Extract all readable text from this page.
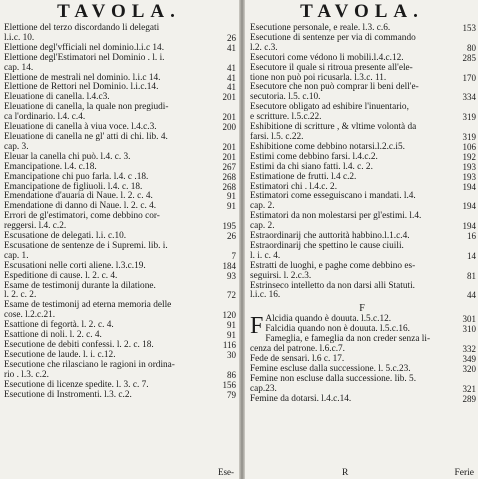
TAVOLA.
Elettione del terzo discordando li delegati
l.i.c. 10.	26
Elettione degl'vfficiali nel dominio.l.i.c 14.	41
Elettione degl'Estimatori nel Dominio . l. i.
cap. 14.	41
Elettione de mestrali nel dominio. l.i.c 14.	41
Elettione de Rettori nel Dominio. l.i.c.14.	41
Eleuatione di canella. l.4.c3.	201
Eleuatione di canella, la quale non pregiudi-
ca l'ordinario. l.4. c.4.	201
Eleuatione di canella à viua voce. l.4.c.3.	200
Eleuatione di canella ne gl' atti di chi. lib. 4.
cap. 3.	201
Eleuar la canella chi può. l.4. c. 3.	201
Emancipatione. l.4. c.18.	267
Emancipatione chi puo farla. l.4. c .18.	268
Emancipatione de figliuoli. l.4. c. 18.	268
Emendatione d'auaria di Naue. l. 2. c. 4.	91
Emendatione di danno di Naue. l. 2. c. 4.	91
Errori de gl'estimatori, come debbino cor-
reggersi. l.4. c.2.	195
Escusatione de delegati. l.i. c.10.	26
Escusatione de sentenze de i Supremi. lib. i.
cap. 1.	7
Escusationi nelle corti aliene. l.3.c.19.	184
Espeditione di cause. l. 2. c. 4.	93
Esame de testimonij durante la dilatione.
l. 2. c. 2.	72
Esame de testimonij ad eterna memoria delle
cose. l.2.c.21.	120
Esattione di fegortà. l. 2. c. 4.	91
Esattione di noli. l. 2. c. 4.	91
Esecutione de debiti confessi. l. 2. c. 18.	116
Esecutione de laude. l. i. c.12.	30
Esecutione che rilasciano le ragioni in ordina-
rio . l.3. c.2.	86
Esecutione di licenze spedite. l. 3. c. 7.	156
Esecutione di Instromenti. l.3. c.2.	79
Ese-
TAVOLA.
Esecutione personale, e reale. l.3. c.6.	153
Esecutione di sentenze per via di commando
l.2. c.3.	80
Esecutori come védono li mobili.l.4.c.12.	285
Esecutore il quale si ritroua presente all'ele-
tione non può poi ricusarla. l.3.c. 11.	170
Esecutore che non può comprar li beni dell'e-
secutoria. l.5. c.10.	334
Esecutore obligato ad eshibire l'inuentario,
e scritture. l.5.c.22.	319
Eshibitione di scritture , & vltime volontà da
farsi. l.5. c.22.	319
Eshibitione come debbino notarsi.l.2.c.i5.	106
Estimi come debbino farsi. l.4.c.2.	192
Estimi da chi siano fatti. l.4. c. 2.	193
Estimatione de frutti. l.4 c.2.	193
Estimatori chi . l.4.c. 2.	194
Estimatori come esseguiscano i mandati. l.4.
cap. 2.	194
Estimatori da non molestarsi per gl'estimi. l.4.
cap. 2.	194
Estraordinarij che auttorità habbino.l.1.c.4.	16
Estraordinarij che spettino le cause ciuili.
l. i. c. 4.	14
Estratti de luoghi, e paghe come debbino es-
seguirsi. l. 2.c.3.	81
Estrinseco intelletto da non darsi alli Statuti.
l.i.c. 16.	44
F
F Alcidia quando è douuta. l.5.c.12.	301
Falcidia quando non è douuta. l.5.c.16.	310
Fameglia, e fameglia da non creder senza li-
cenza del patrone. l.6.c.7.	332
Fede de sensari. l.6 c. 17.	349
Femine escluse dalla successione. l. 5.c.23.	320
Femine non escluse dalla successione. lib. 5.
cap.23.	321
Femine da dotarsi. l.4.c.14.	289
R	Ferie
